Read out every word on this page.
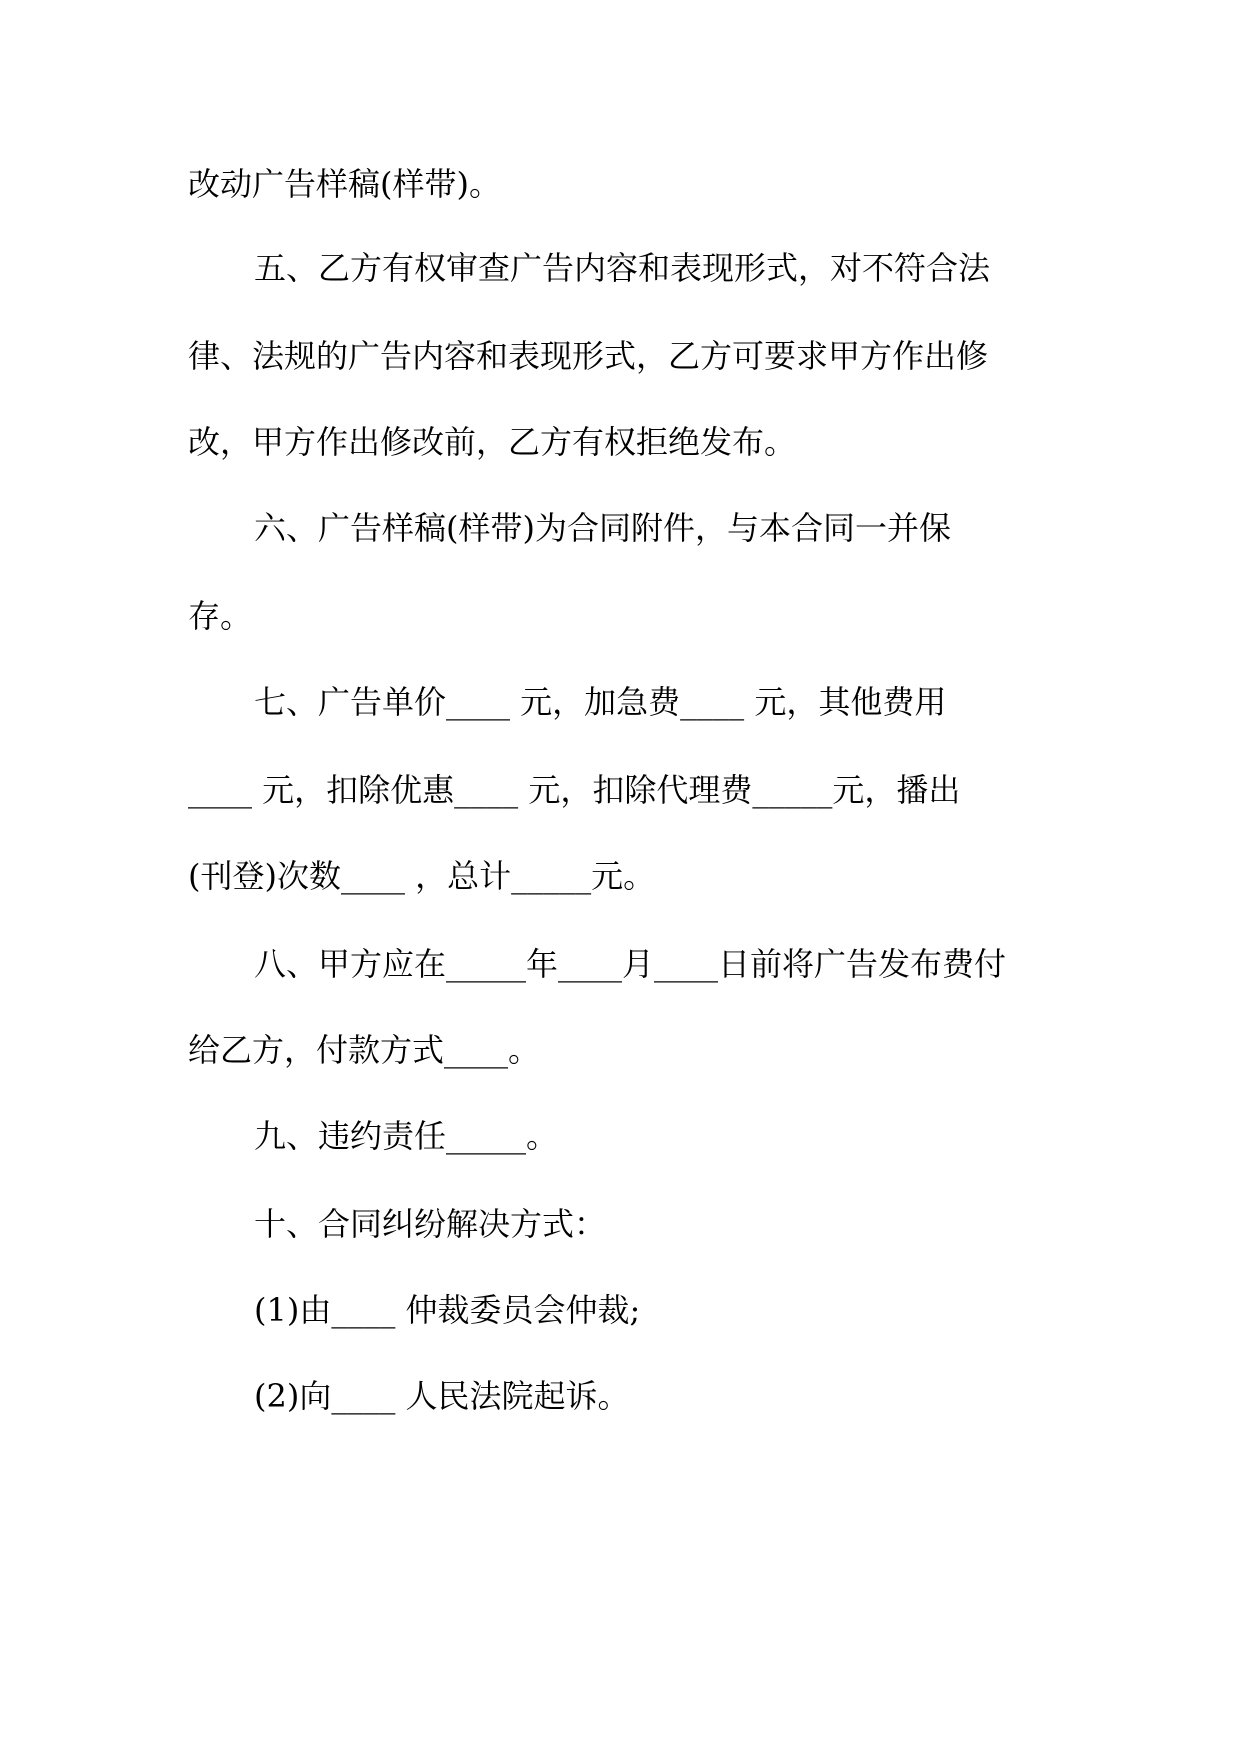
改动广告样稿(样带)。
五、乙方有权审查广告内容和表现形式，对不符合法
律、法规的广告内容和表现形式，乙方可要求甲方作出修
改，甲方作出修改前，乙方有权拒绝发布。
六、广告样稿(样带)为合同附件，与本合同一并保
存。
七、广告单价____ 元，加急费____ 元，其他费用
____ 元，扣除优惠____ 元，扣除代理费_____元，播出
(刊登)次数____ ，总计_____元。
八、甲方应在_____年____月____日前将广告发布费付
给乙方，付款方式____。
九、违约责任_____。
十、合同纠纷解决方式：
(1)由____ 仲裁委员会仲裁;
(2)向____ 人民法院起诉。
